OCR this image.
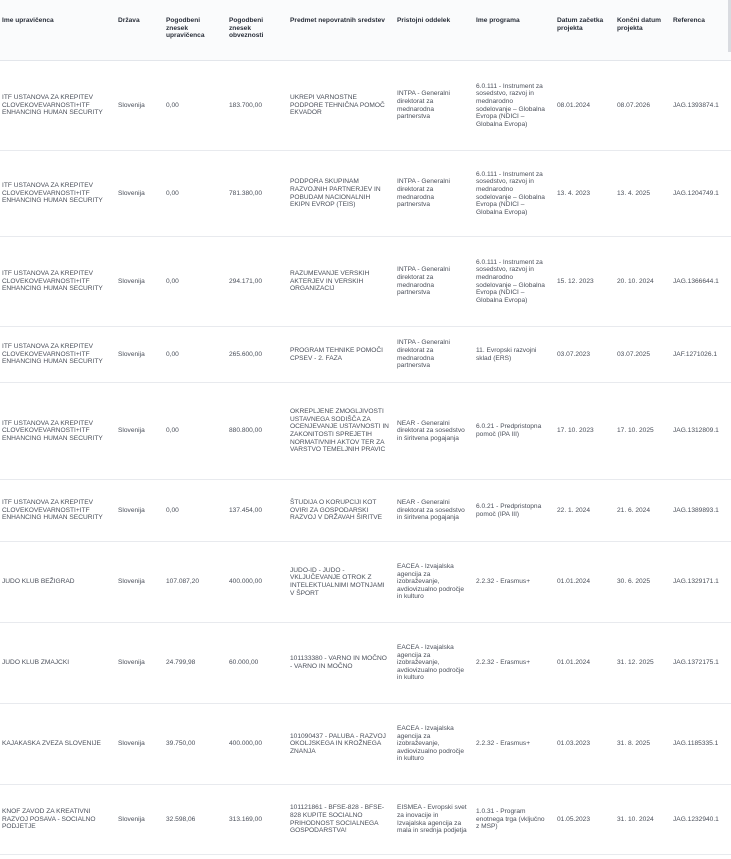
Ime upravičenca	Država	Pogodbeni znesek upravičenca	Pogodbeni znesek obveznosti	Predmet nepovratnih sredstev	Pristojni oddelek	Ime programa	Datum začetka projekta	Končni datum projekta	Referenca
ITF USTANOVA ZA KREPITEV CLOVEKOVEVARNOSTI+ITF ENHANCING HUMAN SECURITY	Slovenija	0,00	183.700,00	UKREPI VARNOSTNE PODPORE TEHNIČNA POMOČ EKVADOR	INTPA - Generalni direktorat za mednarodna partnerstva	6.0.111 - Instrument za sosedstvo, razvoj in mednarodno sodelovanje – Globalna Evropa (NDICI – Globalna Evropa)	08.01.2024	08.07.2026	JAG.1393874.1
ITF USTANOVA ZA KREPITEV CLOVEKOVEVARNOSTI+ITF ENHANCING HUMAN SECURITY	Slovenija	0,00	781.380,00	PODPORA SKUPINAM RAZVOJNIH PARTNERJEV IN POBUDAM NACIONALNIH EKIPN EVROP (TEIS)	INTPA - Generalni direktorat za mednarodna partnerstva	6.0.111 - Instrument za sosedstvo, razvoj in mednarodno sodelovanje – Globalna Evropa (NDICI – Globalna Evropa)	13. 4. 2023	13. 4. 2025	JAG.1204749.1
ITF USTANOVA ZA KREPITEV CLOVEKOVEVARNOSTI+ITF ENHANCING HUMAN SECURITY	Slovenija	0,00	294.171,00	RAZUMEVANJE VERSKIH AKTERJEV IN VERSKIH ORGANIZACIJ	INTPA - Generalni direktorat za mednarodna partnerstva	6.0.111 - Instrument za sosedstvo, razvoj in mednarodno sodelovanje – Globalna Evropa (NDICI – Globalna Evropa)	15. 12. 2023	20. 10. 2024	JAG.1366644.1
ITF USTANOVA ZA KREPITEV CLOVEKOVEVARNOSTI+ITF ENHANCING HUMAN SECURITY	Slovenija	0,00	265.600,00	PROGRAM TEHNIKE POMOČI CPSEV - 2. FAZA	INTPA - Generalni direktorat za mednarodna partnerstva	11. Evropski razvojni sklad (ERS)	03.07.2023	03.07.2025	JAF.1271026.1
ITF USTANOVA ZA KREPITEV CLOVEKOVEVARNOSTI+ITF ENHANCING HUMAN SECURITY	Slovenija	0,00	880.800,00	OKREPLJENE ZMOGLJIVOSTI USTAVNEGA SODIŠČA ZA OCENJEVANJE USTAVNOSTI IN ZAKONITOSTI SPREJETIH NORMATIVNIH AKTOV TER ZA VARSTVO TEMELJNIH PRAVIC	NEAR - Generalni direktorat za sosedstvo in širitvena pogajanja	6.0.21 - Predpristopna pomoč (IPA III)	17. 10. 2023	17. 10. 2025	JAG.1312809.1
ITF USTANOVA ZA KREPITEV CLOVEKOVEVARNOSTI+ITF ENHANCING HUMAN SECURITY	Slovenija	0,00	137.454,00	ŠTUDIJA O KORUPCIJI KOT OVIRI ZA GOSPODARSKI RAZVOJ V DRŽAVAH ŠIRITVE	NEAR - Generalni direktorat za sosedstvo in širitvena pogajanja	6.0.21 - Predpristopna pomoč (IPA III)	22. 1. 2024	21. 6. 2024	JAG.1389893.1
JUDO KLUB BEŽIGRAD	Slovenija	107.087,20	400.000,00	JUDO-ID - JUDO - VKLJUČEVANJE OTROK Z INTELEKTUALNIMI MOTNJAMI V ŠPORT	EACEA - Izvajalska agencija za izobraževanje, avdiovizualno področje in kulturo	2.2.32 - Erasmus+	01.01.2024	30. 6. 2025	JAG.1329171.1
JUDO KLUB ZMAJCKI	Slovenija	24.799,98	60.000,00	101133380 - VARNO IN MOČNO - VARNO IN MOČNO	EACEA - Izvajalska agencija za izobraževanje, avdiovizualno področje in kulturo	2.2.32 - Erasmus+	01.01.2024	31. 12. 2025	JAG.1372175.1
KAJAKASKA ZVEZA SLOVENIJE	Slovenija	39.750,00	400.000,00	101090437 - PALUBA - RAZVOJ OKOLJSKEGA IN KROŽNEGA ZNANJA	EACEA - Izvajalska agencija za izobraževanje, avdiovizualno področje in kulturo	2.2.32 - Erasmus+	01.03.2023	31. 8. 2025	JAG.1185335.1
KNOF ZAVOD ZA KREATIVNI RAZVOJ POSAVA - SOCIALNO PODJETJE	Slovenija	32.598,06	313.169,00	101121861 - BFSE-828 - BFSE-828 KUPITE SOCIALNO PRIHODNOST SOCIALNEGA GOSPODARSTVA!	EISMEA - Evropski svet za inovacije in Izvajalska agencija za mala in srednja podjetja	1.0.31 - Program enotnega trga (vključno z MSP)	01.05.2023	31. 10. 2024	JAG.1232940.1
